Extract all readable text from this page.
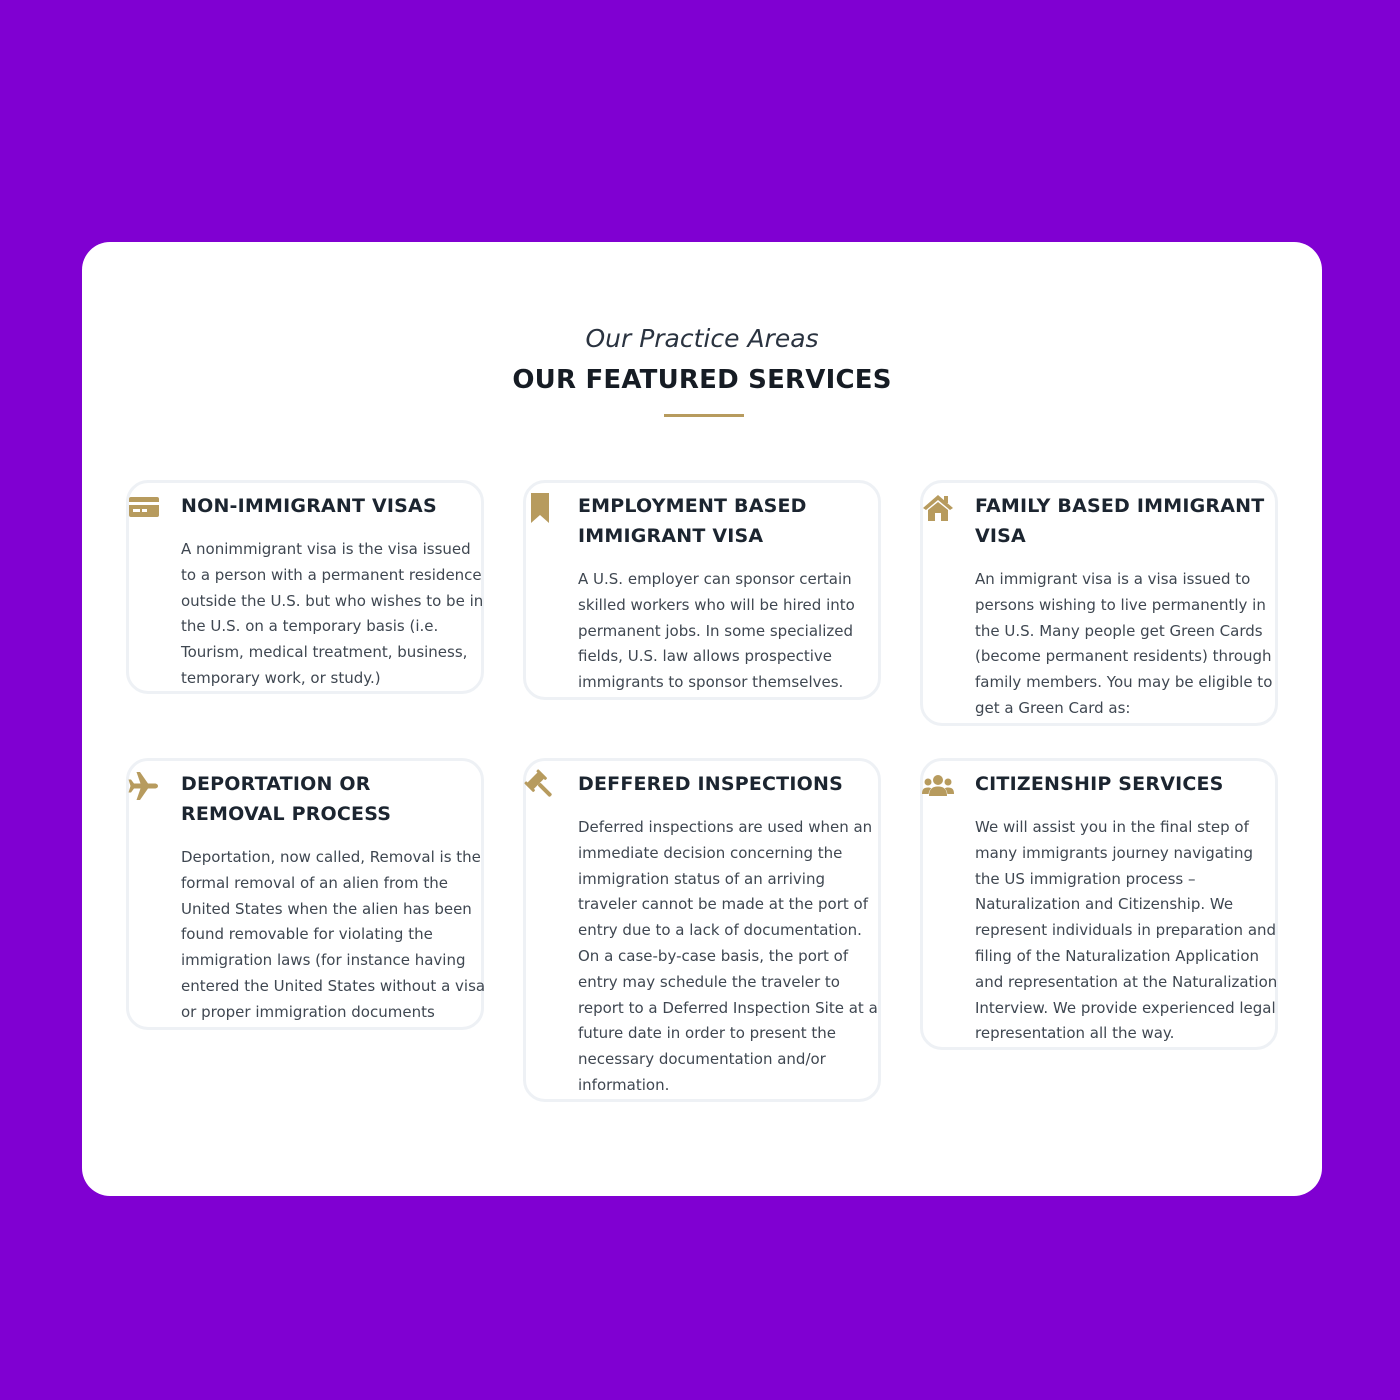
Our Practice Areas
OUR FEATURED SERVICES
NON-IMMIGRANT VISAS
A nonimmigrant visa is the visa issued to a person with a permanent residence outside the U.S. but who wishes to be in the U.S. on a temporary basis (i.e. Tourism, medical treatment, business, temporary work, or study.)
EMPLOYMENT BASED IMMIGRANT VISA
A U.S. employer can sponsor certain skilled workers who will be hired into permanent jobs. In some specialized fields, U.S. law allows prospective immigrants to sponsor themselves.
FAMILY BASED IMMIGRANT VISA
An immigrant visa is a visa issued to persons wishing to live permanently in the U.S. Many people get Green Cards (become permanent residents) through family members. You may be eligible to get a Green Card as:
DEPORTATION OR REMOVAL PROCESS
Deportation, now called, Removal is the formal removal of an alien from the United States when the alien has been found removable for violating the immigration laws (for instance having entered the United States without a visa or proper immigration documents
DEFFERED INSPECTIONS
Deferred inspections are used when an immediate decision concerning the immigration status of an arriving traveler cannot be made at the port of entry due to a lack of documentation. On a case-by-case basis, the port of entry may schedule the traveler to report to a Deferred Inspection Site at a future date in order to present the necessary documentation and/or information.
CITIZENSHIP SERVICES
We will assist you in the final step of many immigrants journey navigating the US immigration process – Naturalization and Citizenship. We represent individuals in preparation and filing of the Naturalization Application and representation at the Naturalization Interview. We provide experienced legal representation all the way.
